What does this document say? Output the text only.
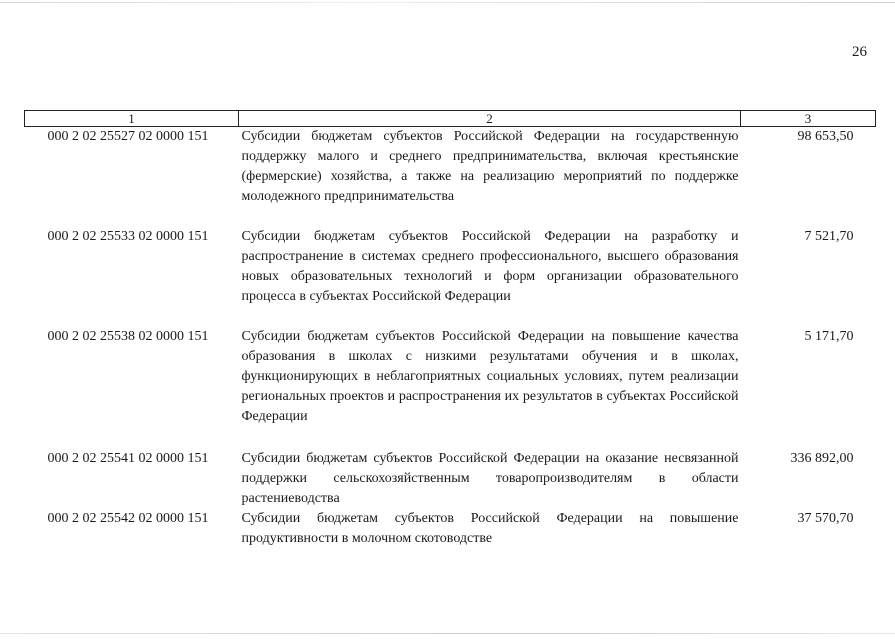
26
1	2	3
000 2 02 25527 02 0000 151	Субсидии бюджетам субъектов Российской Федерации на государственную поддержку малого и среднего предпринимательства, включая крестьянские (фермерские) хозяйства, а также на реализацию мероприятий по поддержке молодежного предпринимательства	98 653,50
000 2 02 25533 02 0000 151	Субсидии бюджетам субъектов Российской Федерации на разработку и распространение в системах среднего профессионального, высшего образования новых образовательных технологий и форм организации образовательного процесса в субъектах Российской Федерации	7 521,70
000 2 02 25538 02 0000 151	Субсидии бюджетам субъектов Российской Федерации на повышение качества образования в школах с низкими результатами обучения и в школах, функционирующих в неблагоприятных социальных условиях, путем реализации региональных проектов и распространения их результатов в субъектах Российской Федерации	5 171,70
000 2 02 25541 02 0000 151	Субсидии бюджетам субъектов Российской Федерации на оказание несвязанной поддержки сельскохозяйственным товаропроизводителям в области растениеводства	336 892,00
000 2 02 25542 02 0000 151	Субсидии бюджетам субъектов Российской Федерации на повышение продуктивности в молочном скотоводстве	37 570,70
